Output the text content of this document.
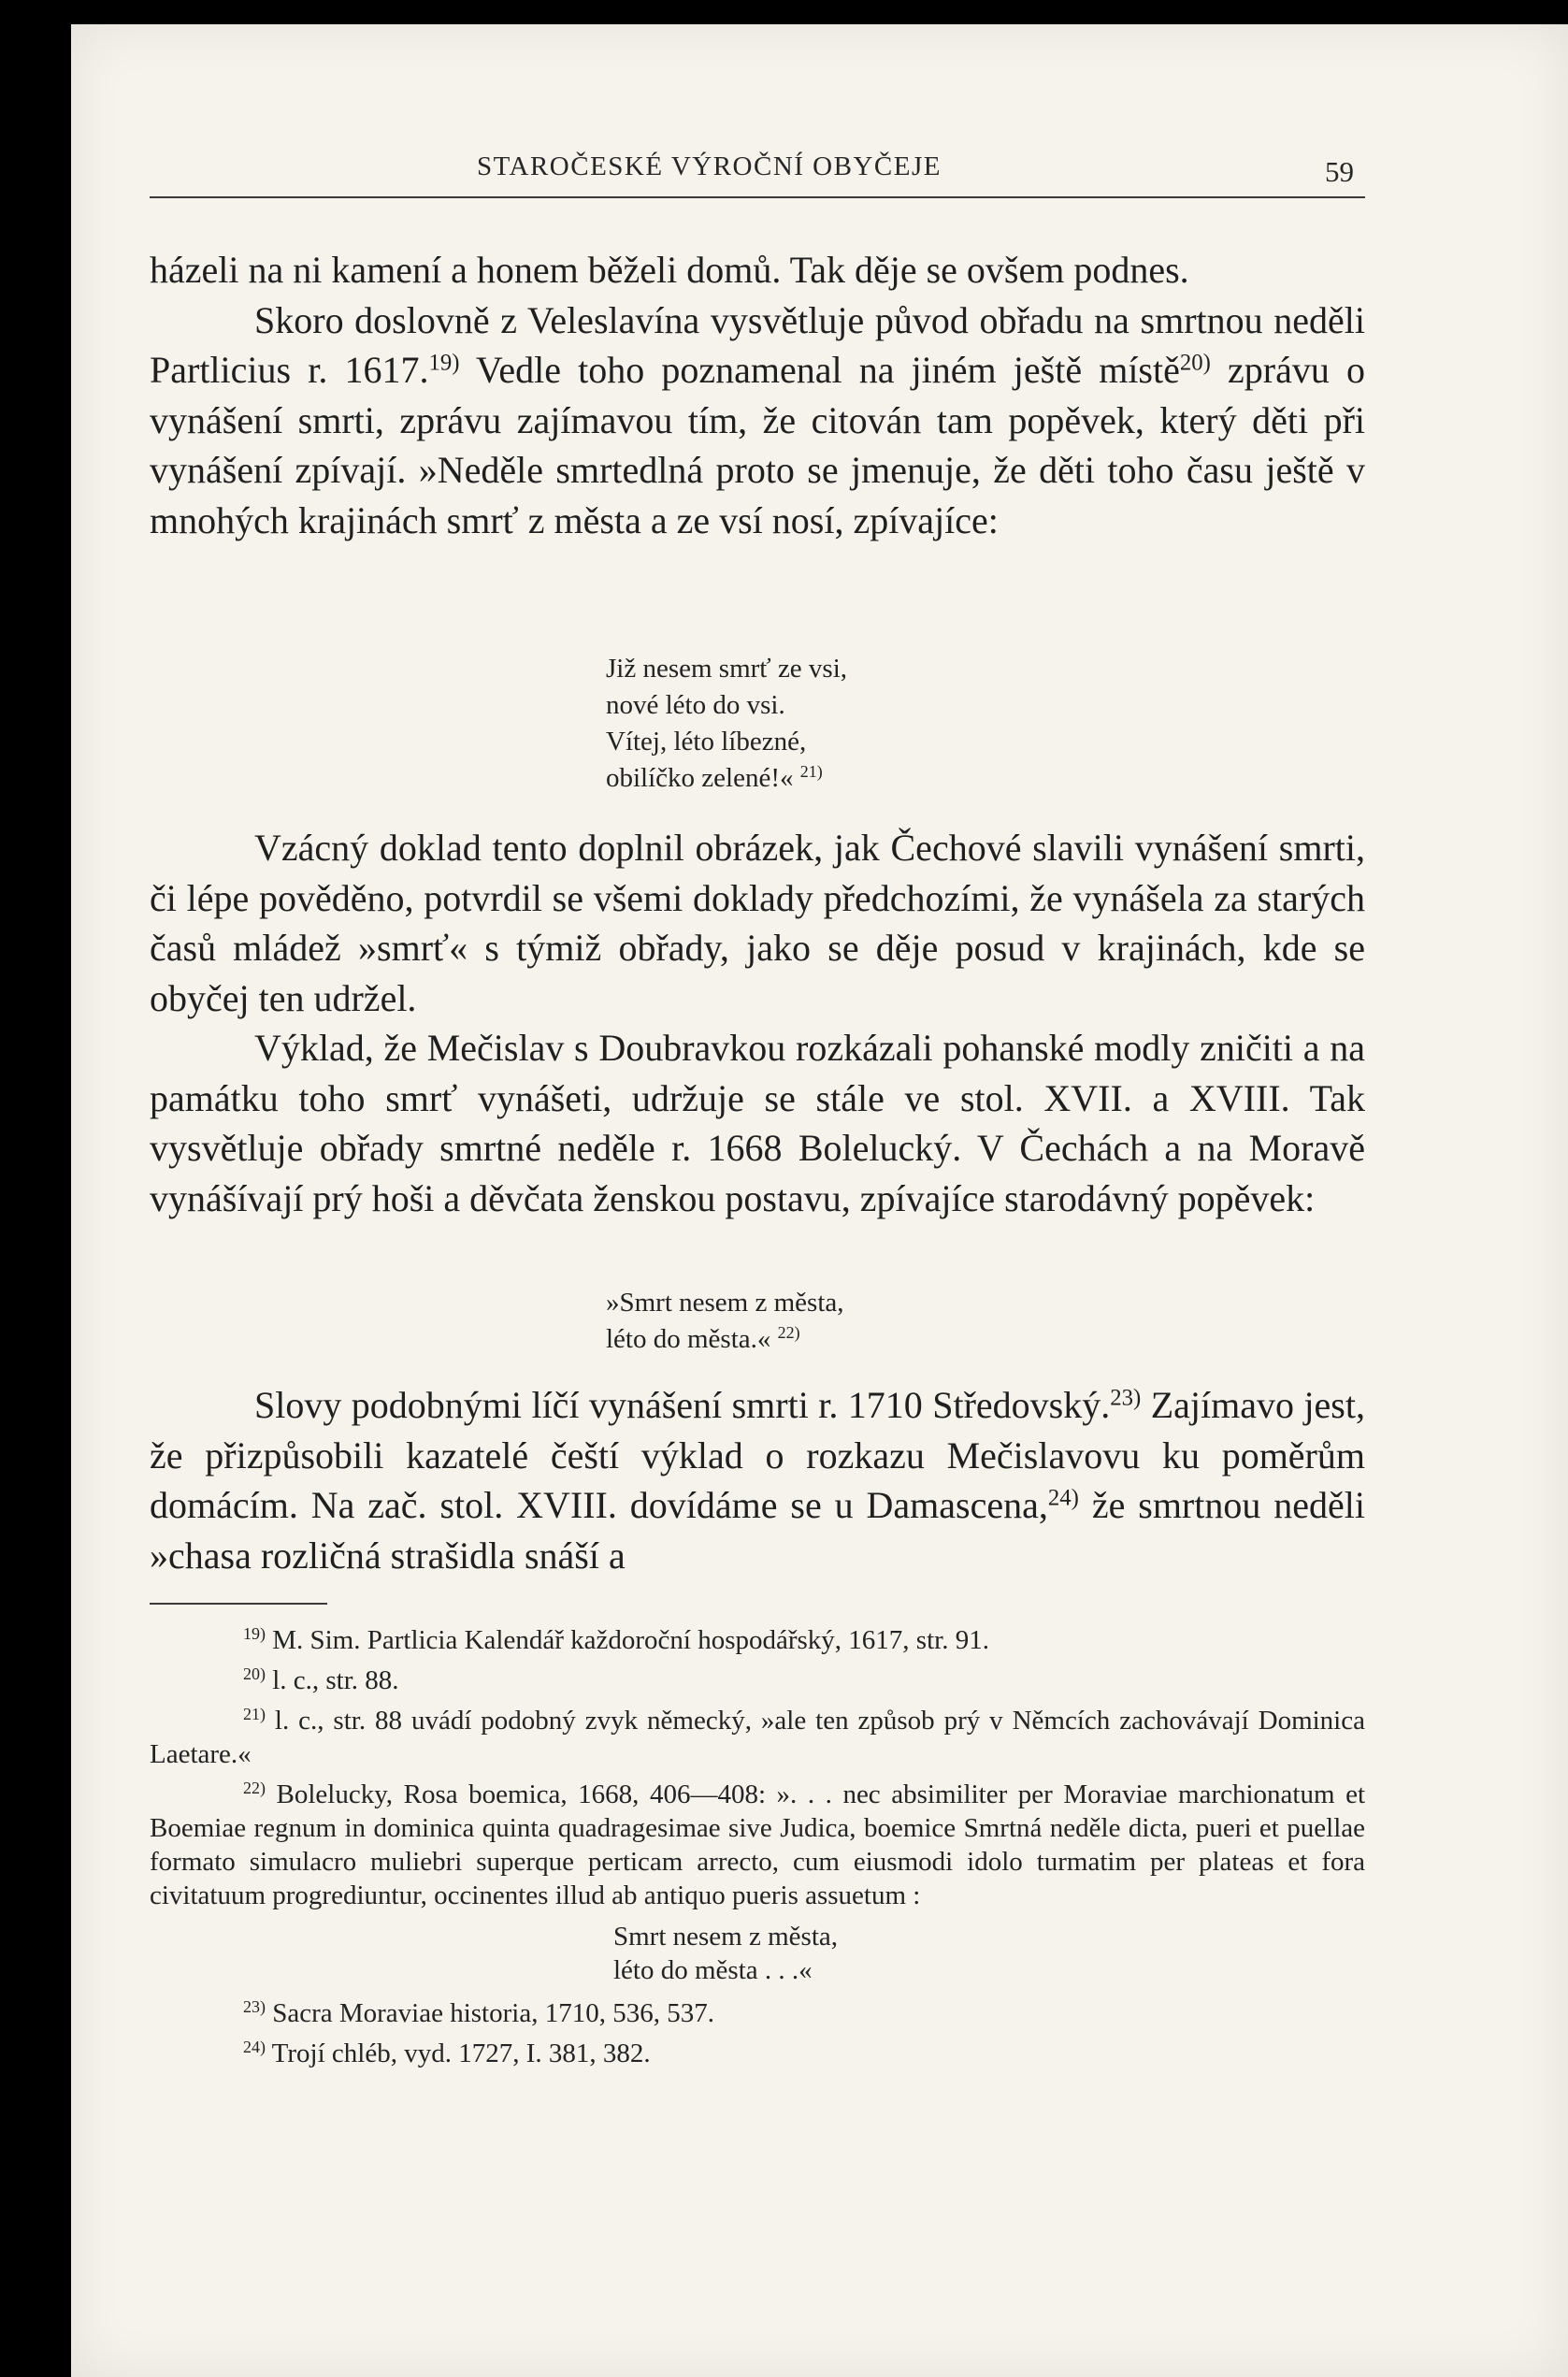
STAROČESKÉ VÝROČNÍ OBYČEJE	59

házeli na ni kamení a honem běželi domů. Tak děje se ovšem podnes.

Skoro doslovně z Veleslavína vysvětluje původ obřadu na smrtnou neděli Partlicius r. 1617.$^{19)}$ Vedle toho poznamenal na jiném ještě místě$^{20)}$ zprávu o vynášení smrti, zprávu zajímavou tím, že citován tam popěvek, který děti při vynášení zpívají. »Neděle smrtedlná proto se jmenuje, že děti toho času ještě v mnohých krajinách smrť z města a ze vsí nosí, zpívajíce:

Již nesem smrť ze vsi,
nové léto do vsi.
Vítej, léto líbezné,
obilíčko zelené!« $^{21)}$

Vzácný doklad tento doplnil obrázek, jak Čechové slavili vynášení smrti, či lépe pověděno, potvrdil se všemi doklady předchozími, že vynášela za starých časů mládež »smrť« s týmiž obřady, jako se děje posud v krajinách, kde se obyčej ten udržel.

Výklad, že Mečislav s Doubravkou rozkázali pohanské modly zničiti a na památku toho smrť vynášeti, udržuje se stále ve stol. XVII. a XVIII. Tak vysvětluje obřady smrtné neděle r. 1668 Bolelucký. V Čechách a na Moravě vynášívají prý hoši a děvčata ženskou postavu, zpívajíce starodávný popěvek:

»Smrt nesem z města,
léto do města.« $^{22)}$

Slovy podobnými líčí vynášení smrti r. 1710 Středovský.$^{23)}$ Zajímavo jest, že přizpůsobili kazatelé čeští výklad o rozkazu Mečislavovu ku poměrům domácím. Na zač. stol. XVIII. dovídáme se u Damascena,$^{24)}$ že smrtnou neděli »chasa rozličná strašidla snáší a

$^{19)}$ M. Sim. Partlicia Kalendář každoroční hospodářský, 1617, str. 91.

$^{20)}$ l. c., str. 88.

$^{21)}$ l. c., str. 88 uvádí podobný zvyk německý, »ale ten způsob prý v Němcích zachovávají Dominica Laetare.«

$^{22)}$ Bolelucky, Rosa boemica, 1668, 406—408: ». . . nec absimiliter per Moraviae marchionatum et Boemiae regnum in dominica quinta quadragesimae sive Judica, boemice Smrtná neděle dicta, pueri et puellae formato simulacro muliebri superque perticam arrecto, cum eiusmodi idolo turmatim per plateas et fora civitatuum progrediuntur, occinentes illud ab antiquo pueris assuetum :

Smrt nesem z města,
léto do města . . .«

$^{23)}$ Sacra Moraviae historia, 1710, 536, 537.

$^{24)}$ Trojí chléb, vyd. 1727, I. 381, 382.
